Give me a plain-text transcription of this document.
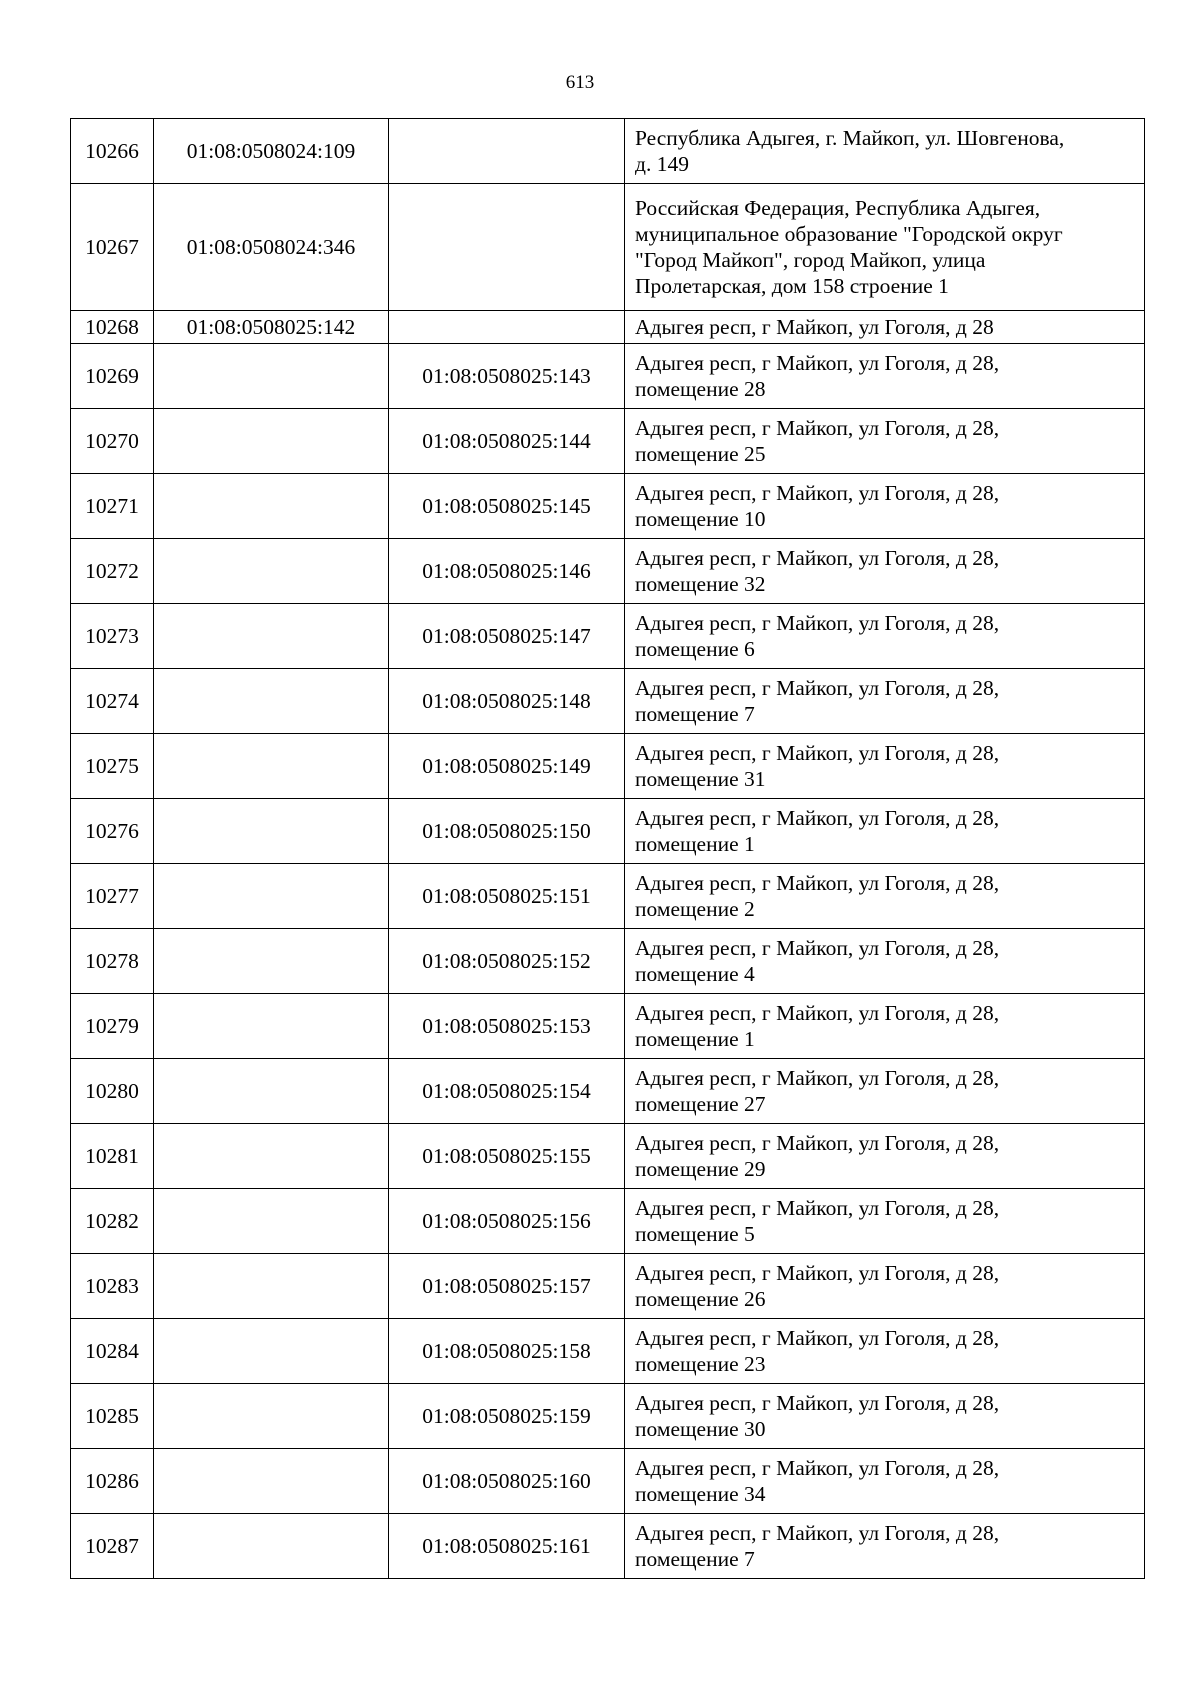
613
10266	01:08:0508024:109		Республика Адыгея, г. Майкоп, ул. Шовгенова,
д. 149
10267	01:08:0508024:346		Российская Федерация, Республика Адыгея,
муниципальное образование "Городской округ
"Город Майкоп", город Майкоп, улица
Пролетарская, дом 158 строение 1
10268	01:08:0508025:142		Адыгея респ, г Майкоп, ул Гоголя, д 28
10269		01:08:0508025:143	Адыгея респ, г Майкоп, ул Гоголя, д 28,
помещение 28
10270		01:08:0508025:144	Адыгея респ, г Майкоп, ул Гоголя, д 28,
помещение 25
10271		01:08:0508025:145	Адыгея респ, г Майкоп, ул Гоголя, д 28,
помещение 10
10272		01:08:0508025:146	Адыгея респ, г Майкоп, ул Гоголя, д 28,
помещение 32
10273		01:08:0508025:147	Адыгея респ, г Майкоп, ул Гоголя, д 28,
помещение 6
10274		01:08:0508025:148	Адыгея респ, г Майкоп, ул Гоголя, д 28,
помещение 7
10275		01:08:0508025:149	Адыгея респ, г Майкоп, ул Гоголя, д 28,
помещение 31
10276		01:08:0508025:150	Адыгея респ, г Майкоп, ул Гоголя, д 28,
помещение 1
10277		01:08:0508025:151	Адыгея респ, г Майкоп, ул Гоголя, д 28,
помещение 2
10278		01:08:0508025:152	Адыгея респ, г Майкоп, ул Гоголя, д 28,
помещение 4
10279		01:08:0508025:153	Адыгея респ, г Майкоп, ул Гоголя, д 28,
помещение 1
10280		01:08:0508025:154	Адыгея респ, г Майкоп, ул Гоголя, д 28,
помещение 27
10281		01:08:0508025:155	Адыгея респ, г Майкоп, ул Гоголя, д 28,
помещение 29
10282		01:08:0508025:156	Адыгея респ, г Майкоп, ул Гоголя, д 28,
помещение 5
10283		01:08:0508025:157	Адыгея респ, г Майкоп, ул Гоголя, д 28,
помещение 26
10284		01:08:0508025:158	Адыгея респ, г Майкоп, ул Гоголя, д 28,
помещение 23
10285		01:08:0508025:159	Адыгея респ, г Майкоп, ул Гоголя, д 28,
помещение 30
10286		01:08:0508025:160	Адыгея респ, г Майкоп, ул Гоголя, д 28,
помещение 34
10287		01:08:0508025:161	Адыгея респ, г Майкоп, ул Гоголя, д 28,
помещение 7
